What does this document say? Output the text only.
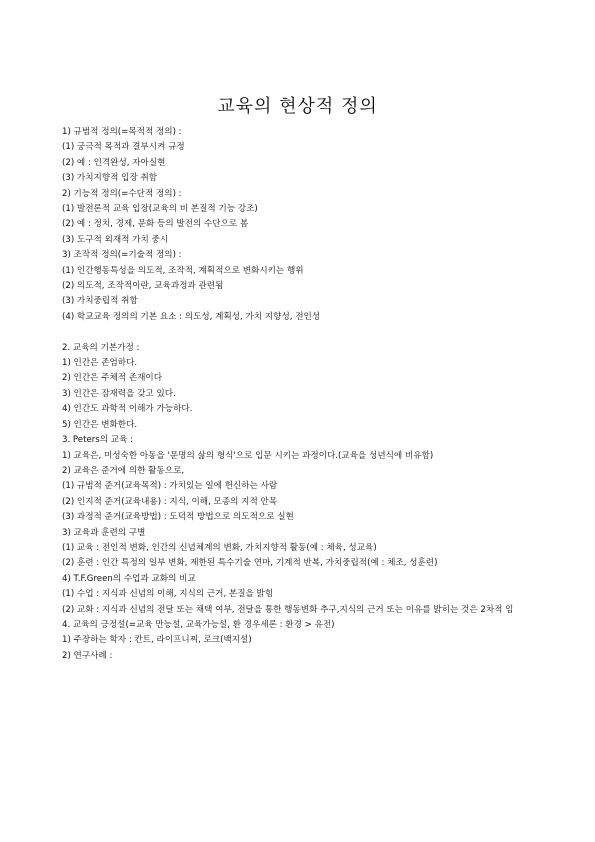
교육의 현상적 정의

1) 규범적 정의(=목적적 정의) :

(1) 궁극적 목적과 결부시켜 규정

(2) 예 : 인격완성, 자아실현

(3) 가치지향적 입장 취함

2) 기능적 정의(=수단적 정의) :

(1) 발전론적 교육 입장(교육의 비 본질적 기능 강조)

(2) 예 : 정치, 경제, 문화 등의 발전의 수단으로 봄

(3) 도구적 외재적 가치 중시

3) 조작적 정의(=기술적 정의) :

(1) 인간행동특성을 의도적, 조작적, 계획적으로 변화시키는 행위

(2) 의도적, 조작적이란, 교육과정과 관련됨

(3) 가치중립적 취함

(4) 학교교육 정의의 기본 요소 : 의도성, 계획성, 가치 지향성, 전인성

2. 교육의 기본가정 :

1) 인간은 존엄하다.

2) 인간은 주체적 존재이다

3) 인간은 잠재력을 갖고 있다.

4) 인간도 과학적 이해가 가능하다.

5) 인간은 변화한다.

3. Peters의 교육 :

1) 교육은, 미성숙한 아동을 '문명의 삶의 형식'으로 입문 시키는 과정이다.(교육을 성년식에 비유함)

2) 교육은 준거에 의한 활동으로,

(1) 규범적 준거(교육목적) : 가치있는 일에 헌신하는 사람

(2) 인지적 준거(교육내용) : 지식, 이해, 모종의 지적 안목

(3) 과정적 준거(교육방법) : 도덕적 방법으로 의도적으로 실현

3) 교육과 훈련의 구별

(1) 교육 : 전인적 변화, 인간의 신념체계의 변화, 가치지향적 활동(예 : 체육, 성교육)

(2) 훈련 : 인간 특정의 일부 변화, 제한된 특수기술 연마, 기계적 반복, 가치중립적(예 : 체조, 성훈련)

4) T.F.Green의 수업과 교화의 비교

(1) 수업 : 지식과 신념의 이해, 지식의 근거, 본질을 밝힘

(2) 교화 : 지식과 신념의 전달 또는 채택 여부, 전달을 통한 행동변화 추구,지식의 근거 또는 이유를 밝히는 것은 2차적 임

4. 교육의 긍정설(=교육 만능설, 교육가능설, 환 경우세론 : 환경 > 유전)

1) 주장하는 학자 : 칸트, 라이프니찌, 로크(백지설)

2) 연구사례 :
